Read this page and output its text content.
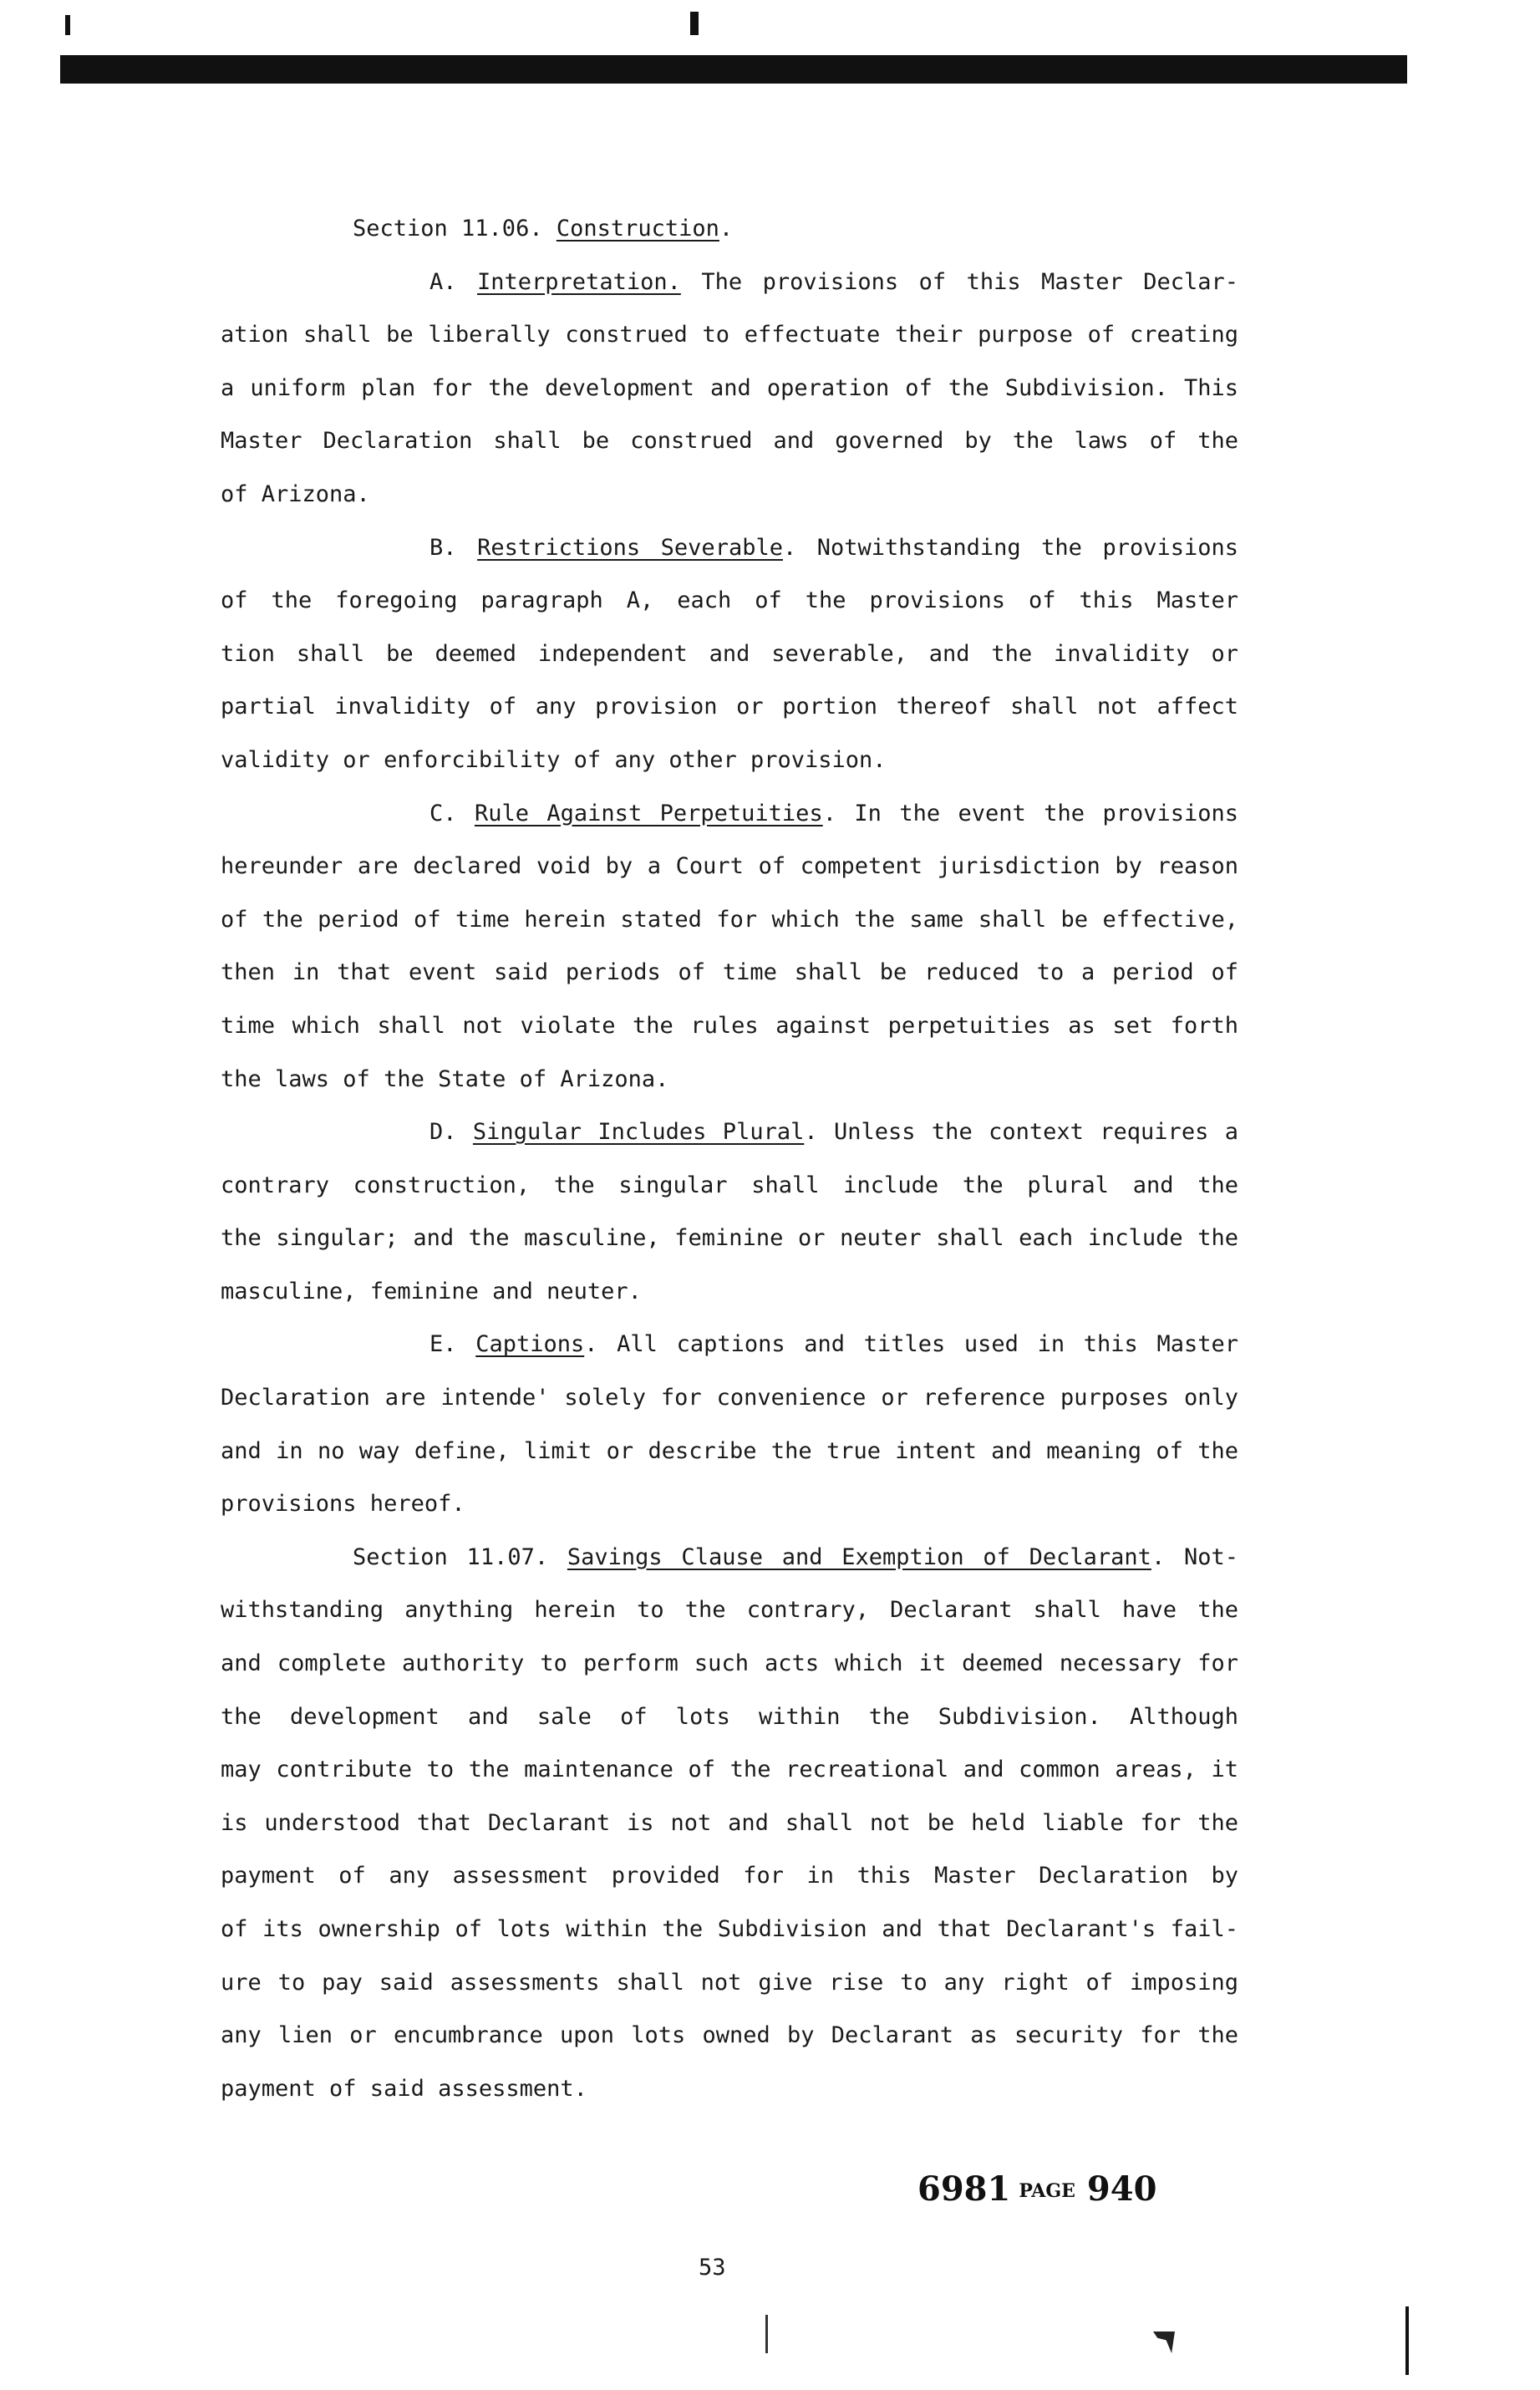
Section 11.06. Construction.
A. Interpretation. The provisions of this Master Declar-
ation shall be liberally construed to effectuate their purpose of creating
a uniform plan for the development and operation of the Subdivision. This
Master Declaration shall be construed and governed by the laws of the
of Arizona.
B. Restrictions Severable. Notwithstanding the provisions
of the foregoing paragraph A, each of the provisions of this Master
tion shall be deemed independent and severable, and the invalidity or
partial invalidity of any provision or portion thereof shall not affect
validity or enforcibility of any other provision.
C. Rule Against Perpetuities. In the event the provisions
hereunder are declared void by a Court of competent jurisdiction by reason
of the period of time herein stated for which the same shall be effective,
then in that event said periods of time shall be reduced to a period of
time which shall not violate the rules against perpetuities as set forth
the laws of the State of Arizona.
D. Singular Includes Plural. Unless the context requires a
contrary construction, the singular shall include the plural and the
the singular; and the masculine, feminine or neuter shall each include the
masculine, feminine and neuter.
E. Captions. All captions and titles used in this Master
Declaration are intende' solely for convenience or reference purposes only
and in no way define, limit or describe the true intent and meaning of the
provisions hereof.
Section 11.07. Savings Clause and Exemption of Declarant. Not-
withstanding anything herein to the contrary, Declarant shall have the
and complete authority to perform such acts which it deemed necessary for
the development and sale of lots within the Subdivision. Although
may contribute to the maintenance of the recreational and common areas, it
is understood that Declarant is not and shall not be held liable for the
payment of any assessment provided for in this Master Declaration by
of its ownership of lots within the Subdivision and that Declarant's fail-
ure to pay said assessments shall not give rise to any right of imposing
any lien or encumbrance upon lots owned by Declarant as security for the
payment of said assessment.
6981 PAGE 940
53
